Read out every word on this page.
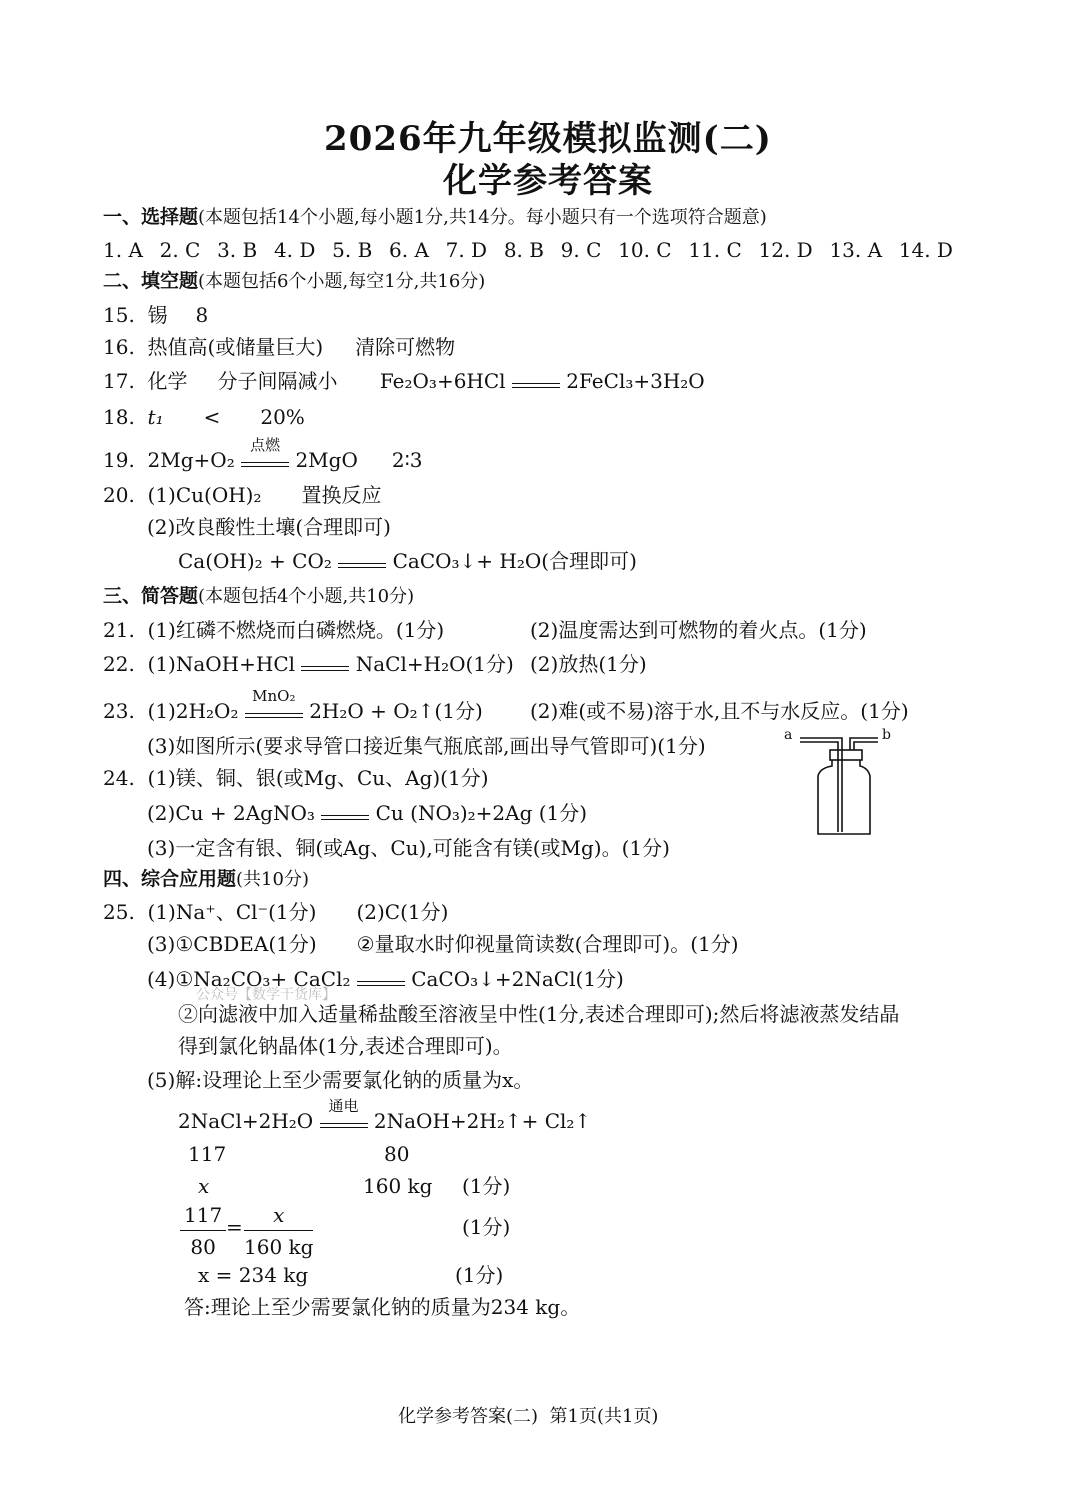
2026年九年级模拟监测(二)
化学参考答案
一、选择题(本题包括14个小题,每小题1分,共14分。每小题只有一个选项符合题意)
1. A 2. C 3. B 4. D 5. B 6. A 7. D 8. B 9. C 10. C 11. C 12. D 13. A 14. D
二、填空题(本题包括6个小题,每空1分,共16分)
15. 锡 8
16. 热值高(或储量巨大) 清除可燃物
17. 化学 分子间隔减小 Fe₂O₃+6HCl	2FeCl₃+3H₂O
18. t₁ < 20%
19. 2Mg+O₂
点燃
2MgO 2∶3
20. (1)Cu(OH)₂ 置换反应
(2)改良酸性土壤(合理即可)
Ca(OH)₂ + CO₂	CaCO₃↓+ H₂O(合理即可)
三、简答题(本题包括4个小题,共10分)
21. (1)红磷不燃烧而白磷燃烧。(1分)	(2)温度需达到可燃物的着火点。(1分)
22. (1)NaOH+HCl	NaCl+H₂O(1分) (2)放热(1分)
23. (1)2H₂O₂
MnO₂
2H₂O + O₂↑(1分) (2)难(或不易)溶于水,且不与水反应。(1分)
(3)如图所示(要求导管口接近集气瓶底部,画出导气管即可)(1分)	a	b
24. (1)镁、铜、银(或Mg、Cu、Ag)(1分)
(2)Cu + 2AgNO₃	Cu (NO₃)₂+2Ag (1分)
(3)一定含有银、铜(或Ag、Cu),可能含有镁(或Mg)。(1分)
四、综合应用题(共10分)
25. (1)Na⁺、Cl⁻(1分) (2)C(1分)
(3)①CBDEA(1分) ②量取水时仰视量筒读数(合理即可)。(1分)
(4)①Na₂CO₃+ CaCl₂	CaCO₃↓+2NaCl(1分)
公众号【数学干货库】
②向滤液中加入适量稀盐酸至溶液呈中性(1分,表述合理即可);然后将滤液蒸发结晶
得到氯化钠晶体(1分,表述合理即可)。
(5)解:设理论上至少需要氯化钠的质量为x。
2NaCl+2H₂O
通电
2NaOH+2H₂↑+ Cl₂↑
117	80
x	160 kg (1分)
$\frac{117}{80} = \frac{x}{160 kg}$	(1分)
x = 234 kg	(1分)
答:理论上至少需要氯化钠的质量为234 kg。
化学参考答案(二)  第1页(共1页)
